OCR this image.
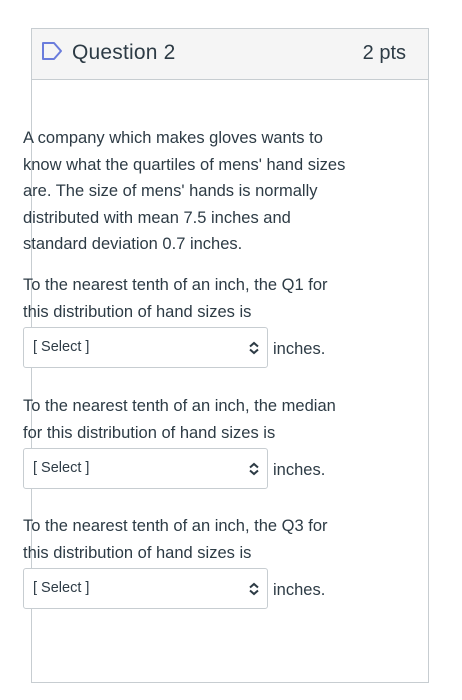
Question 2	2 pts
A company which makes gloves wants to
know what the quartiles of mens' hand sizes
are. The size of mens' hands is normally
distributed with mean 7.5 inches and
standard deviation 0.7 inches.
To the nearest tenth of an inch, the Q1 for
this distribution of hand sizes is
[ Select ]	inches.
To the nearest tenth of an inch, the median
for this distribution of hand sizes is
[ Select ]	inches.
To the nearest tenth of an inch, the Q3 for
this distribution of hand sizes is
[ Select ]	inches.
